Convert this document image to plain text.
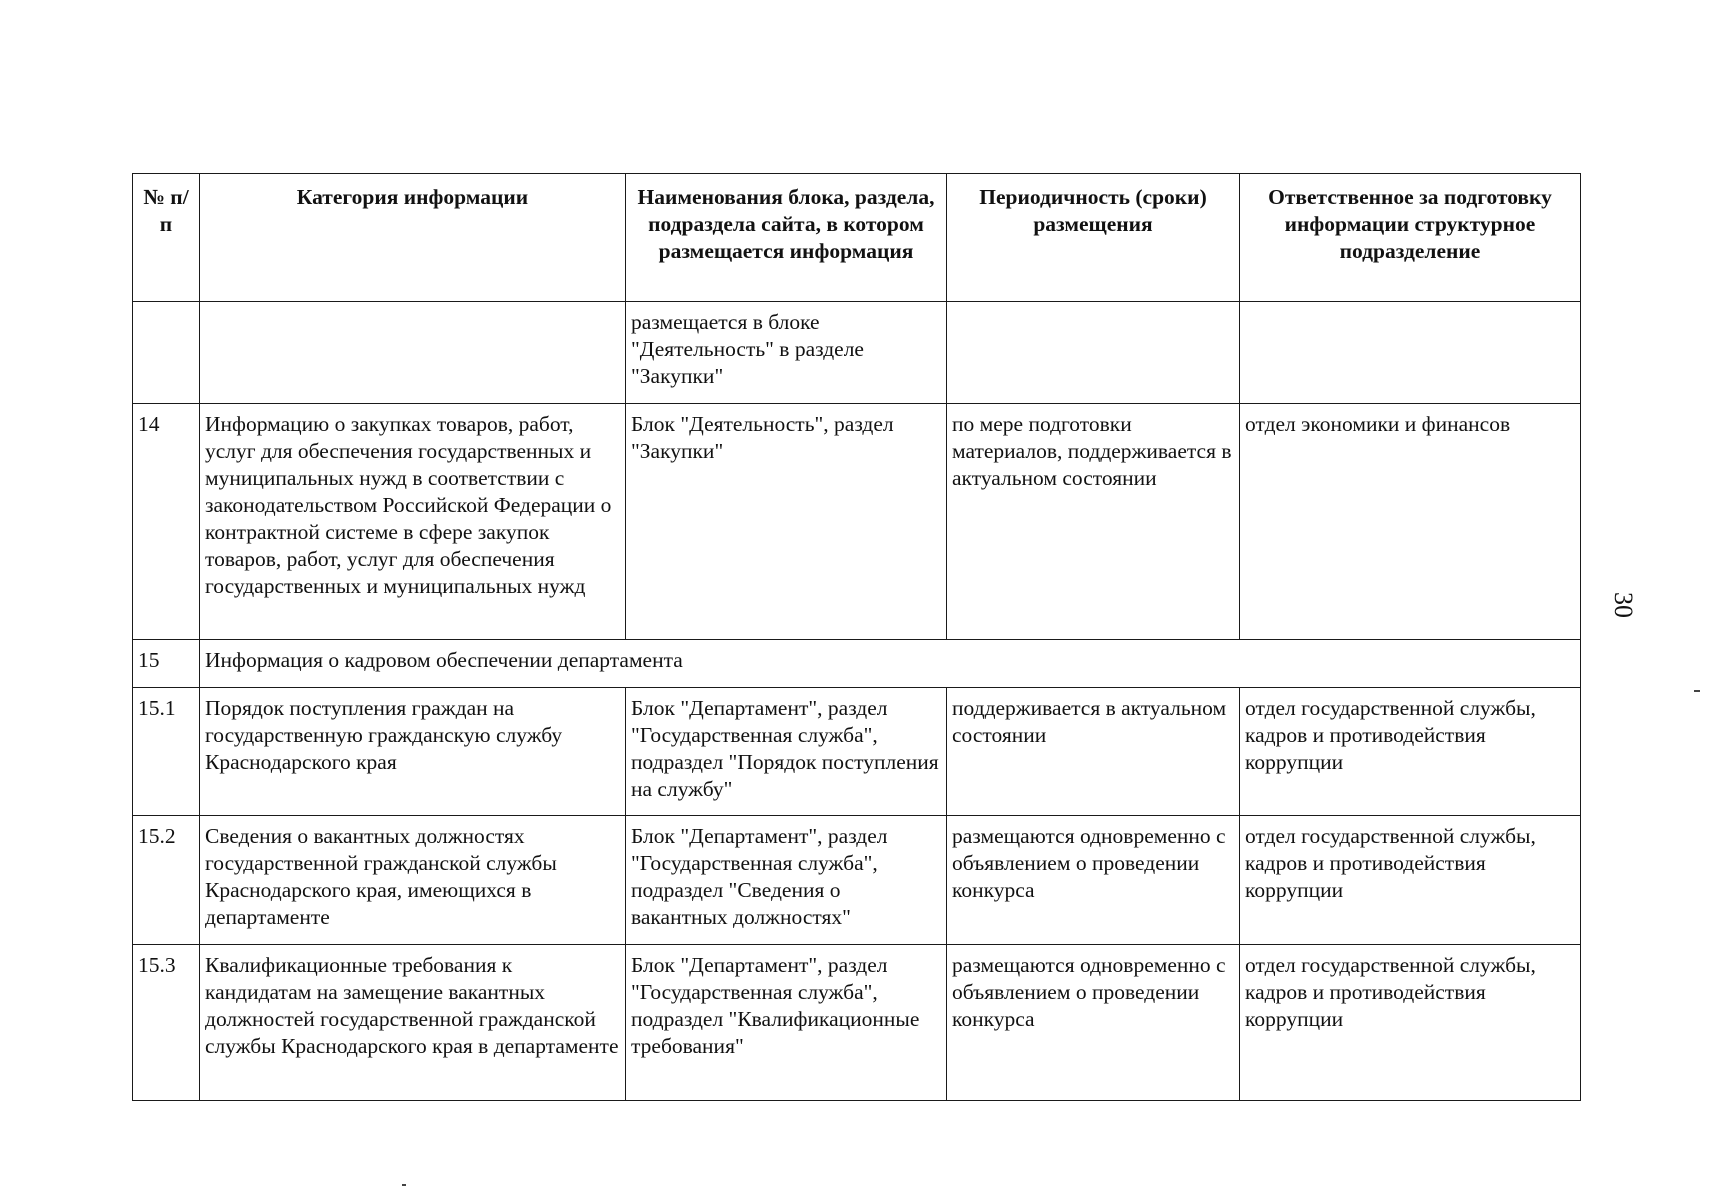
№ п/п	Категория информации	Наименования блока, раздела, подраздела сайта, в котором размещается информация	Периодичность (сроки) размещения	Ответственное за подготовку информации структурное подразделение
		размещается в блоке "Деятельность" в разделе "Закупки"		
14	Информацию о закупках товаров, работ, услуг для обеспечения государственных и муниципальных нужд в соответствии с законодательством Российской Федерации о контрактной системе в сфере закупок товаров, работ, услуг для обеспечения государственных и муниципальных нужд	Блок "Деятельность", раздел "Закупки"	по мере подготовки материалов, поддерживается в актуальном состоянии	отдел экономики и финансов
15	Информация о кадровом обеспечении департамента			
15.1	Порядок поступления граждан на государственную гражданскую службу Краснодарского края	Блок "Департамент", раздел "Государственная служба", подраздел "Порядок поступления на службу"	поддерживается в актуальном состоянии	отдел государственной службы, кадров и противодействия коррупции
15.2	Сведения о вакантных должностях государственной гражданской службы Краснодарского края, имеющихся в департаменте	Блок "Департамент", раздел "Государственная служба", подраздел "Сведения о вакантных должностях"	размещаются одновременно с объявлением о проведении конкурса	отдел государственной службы, кадров и противодействия коррупции
15.3	Квалификационные требования к кандидатам на замещение вакантных должностей государственной гражданской службы Краснодарского края в департаменте	Блок "Департамент", раздел "Государственная служба", подраздел "Квалификационные требования"	размещаются одновременно с объявлением о проведении конкурса	отдел государственной службы, кадров и противодействия коррупции
30
